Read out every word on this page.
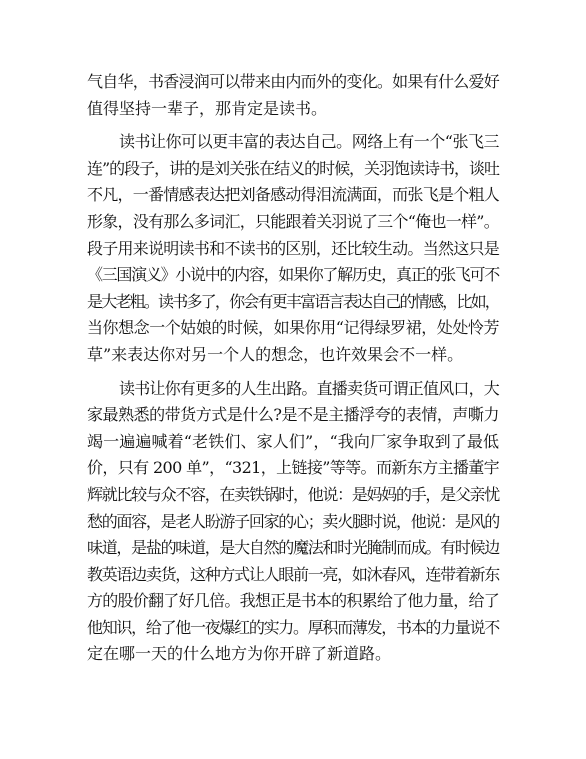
气自华，书香浸润可以带来由内而外的变化。如果有什么爱好
值得坚持一辈子，那肯定是读书。
读书让你可以更丰富的表达自己。网络上有一个“张飞三
连”的段子，讲的是刘关张在结义的时候，关羽饱读诗书，谈吐
不凡，一番情感表达把刘备感动得泪流满面，而张飞是个粗人
形象，没有那么多词汇，只能跟着关羽说了三个“俺也一样”。
段子用来说明读书和不读书的区别，还比较生动。当然这只是
《三国演义》小说中的内容，如果你了解历史，真正的张飞可不
是大老粗。读书多了，你会有更丰富语言表达自己的情感，比如，
当你想念一个姑娘的时候，如果你用“记得绿罗裙，处处怜芳
草”来表达你对另一个人的想念，也许效果会不一样。
读书让你有更多的人生出路。直播卖货可谓正值风口，大
家最熟悉的带货方式是什么?是不是主播浮夸的表情，声嘶力
竭一遍遍喊着“老铁们、家人们”，“我向厂家争取到了最低
价，只有 200 单”，“321，上链接”等等。而新东方主播董宇
辉就比较与众不容，在卖铁锅时，他说：是妈妈的手，是父亲忧
愁的面容，是老人盼游子回家的心；卖火腿时说，他说：是风的
味道，是盐的味道，是大自然的魔法和时光腌制而成。有时候边
教英语边卖货，这种方式让人眼前一亮，如沐春风，连带着新东
方的股价翻了好几倍。我想正是书本的积累给了他力量，给了
他知识，给了他一夜爆红的实力。厚积而薄发，书本的力量说不
定在哪一天的什么地方为你开辟了新道路。
